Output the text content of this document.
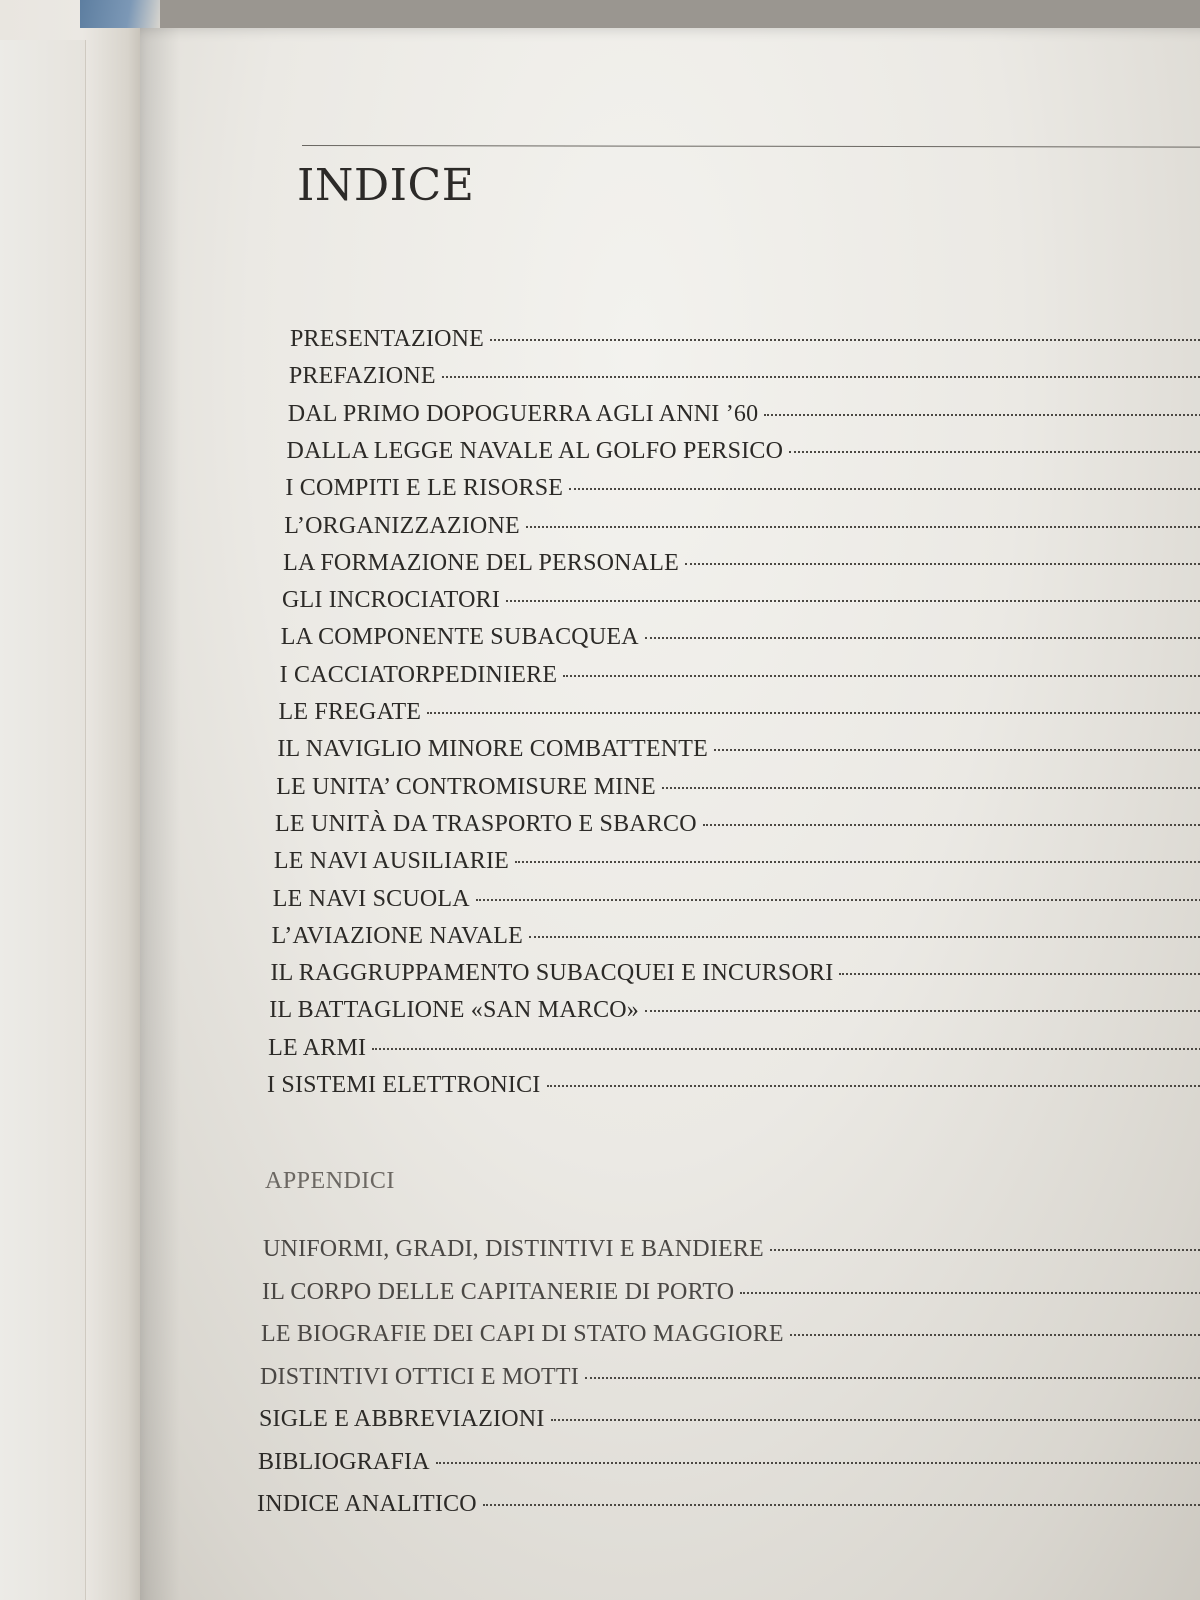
INDICE
APPENDICI
PRESENTAZIONE
PREFAZIONE
DAL PRIMO DOPOGUERRA AGLI ANNI ’60
DALLA LEGGE NAVALE AL GOLFO PERSICO
I COMPITI E LE RISORSE
L’ORGANIZZAZIONE
LA FORMAZIONE DEL PERSONALE
GLI INCROCIATORI
LA COMPONENTE SUBACQUEA
I CACCIATORPEDINIERE
LE FREGATE
IL NAVIGLIO MINORE COMBATTENTE
LE UNITA’ CONTROMISURE MINE
LE UNITÀ DA TRASPORTO E SBARCO
LE NAVI AUSILIARIE
LE NAVI SCUOLA
L’AVIAZIONE NAVALE
IL RAGGRUPPAMENTO SUBACQUEI E INCURSORI
IL BATTAGLIONE «SAN MARCO»
LE ARMI
I SISTEMI ELETTRONICI
UNIFORMI, GRADI, DISTINTIVI E BANDIERE
IL CORPO DELLE CAPITANERIE DI PORTO
LE BIOGRAFIE DEI CAPI DI STATO MAGGIORE
DISTINTIVI OTTICI E MOTTI
SIGLE E ABBREVIAZIONI
BIBLIOGRAFIA
INDICE ANALITICO
